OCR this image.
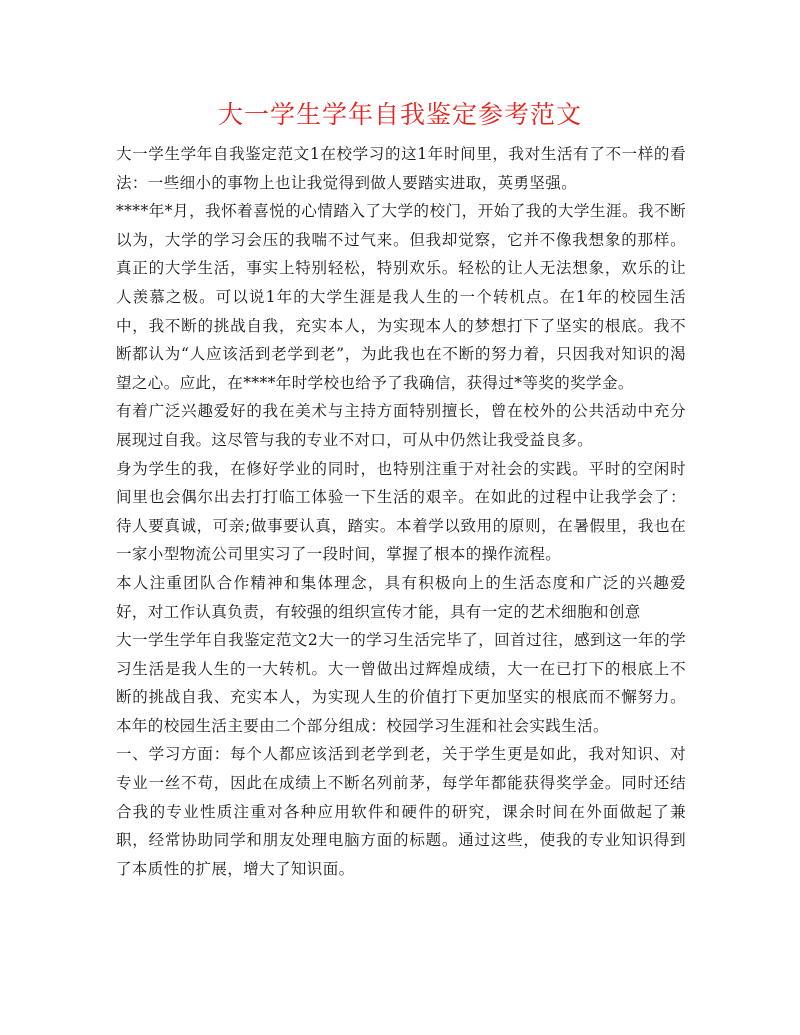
大一学生学年自我鉴定参考范文

大一学生学年自我鉴定范文1在校学习的这1年时间里，我对生活有了不一样的看法：一些细小的事物上也让我觉得到做人要踏实进取，英勇坚强。

****年*月，我怀着喜悦的心情踏入了大学的校门，开始了我的大学生涯。我不断以为，大学的学习会压的我喘不过气来。但我却觉察，它并不像我想象的那样。真正的大学生活，事实上特别轻松，特别欢乐。轻松的让人无法想象，欢乐的让人羡慕之极。可以说1年的大学生涯是我人生的一个转机点。在1年的校园生活中，我不断的挑战自我，充实本人，为实现本人的梦想打下了坚实的根底。我不断都认为“人应该活到老学到老”，为此我也在不断的努力着，只因我对知识的渴望之心。应此，在****年时学校也给予了我确信，获得过*等奖的奖学金。

有着广泛兴趣爱好的我在美术与主持方面特别擅长，曾在校外的公共活动中充分展现过自我。这尽管与我的专业不对口，可从中仍然让我受益良多。

身为学生的我，在修好学业的同时，也特别注重于对社会的实践。平时的空闲时间里也会偶尔出去打打临工体验一下生活的艰辛。在如此的过程中让我学会了：待人要真诚，可亲;做事要认真，踏实。本着学以致用的原则，在暑假里，我也在一家小型物流公司里实习了一段时间，掌握了根本的操作流程。

本人注重团队合作精神和集体理念，具有积极向上的生活态度和广泛的兴趣爱好，对工作认真负责，有较强的组织宣传才能，具有一定的艺术细胞和创意

大一学生学年自我鉴定范文2大一的学习生活完毕了，回首过往，感到这一年的学习生活是我人生的一大转机。大一曾做出过辉煌成绩，大一在已打下的根底上不断的挑战自我、充实本人，为实现人生的价值打下更加坚实的根底而不懈努力。本年的校园生活主要由二个部分组成：校园学习生涯和社会实践生活。

一、学习方面：每个人都应该活到老学到老，关于学生更是如此，我对知识、对专业一丝不苟，因此在成绩上不断名列前茅，每学年都能获得奖学金。同时还结合我的专业性质注重对各种应用软件和硬件的研究，课余时间在外面做起了兼职，经常协助同学和朋友处理电脑方面的标题。通过这些，使我的专业知识得到了本质性的扩展，增大了知识面。
